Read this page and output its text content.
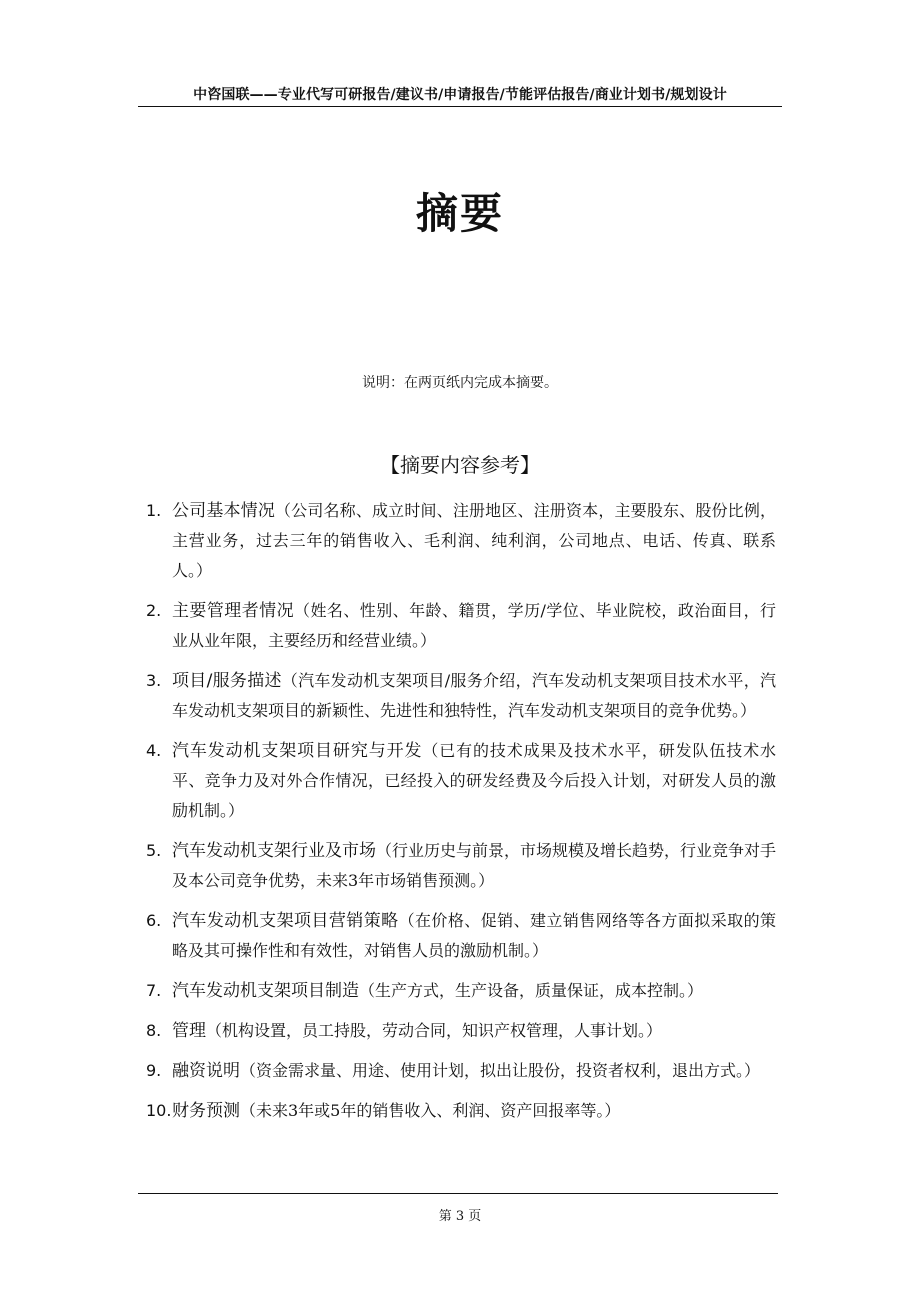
中咨国联——专业代写可研报告/建议书/申请报告/节能评估报告/商业计划书/规划设计
摘要
说明：在两页纸内完成本摘要。
【摘要内容参考】
1. 公司基本情况（公司名称、成立时间、注册地区、注册资本，主要股东、股份比例，主营业务，过去三年的销售收入、毛利润、纯利润，公司地点、电话、传真、联系人。）
2. 主要管理者情况（姓名、性别、年龄、籍贯，学历/学位、毕业院校，政治面目，行业从业年限，主要经历和经营业绩。）
3. 项目/服务描述（汽车发动机支架项目/服务介绍，汽车发动机支架项目技术水平，汽车发动机支架项目的新颖性、先进性和独特性，汽车发动机支架项目的竞争优势。）
4. 汽车发动机支架项目研究与开发（已有的技术成果及技术水平，研发队伍技术水平、竞争力及对外合作情况，已经投入的研发经费及今后投入计划，对研发人员的激励机制。）
5. 汽车发动机支架行业及市场（行业历史与前景，市场规模及增长趋势，行业竞争对手及本公司竞争优势，未来3年市场销售预测。）
6. 汽车发动机支架项目营销策略（在价格、促销、建立销售网络等各方面拟采取的策略及其可操作性和有效性，对销售人员的激励机制。）
7. 汽车发动机支架项目制造（生产方式，生产设备，质量保证，成本控制。）
8. 管理（机构设置，员工持股，劳动合同，知识产权管理，人事计划。）
9. 融资说明（资金需求量、用途、使用计划，拟出让股份，投资者权利，退出方式。）
10. 财务预测（未来3年或5年的销售收入、利润、资产回报率等。）
第 3 页
